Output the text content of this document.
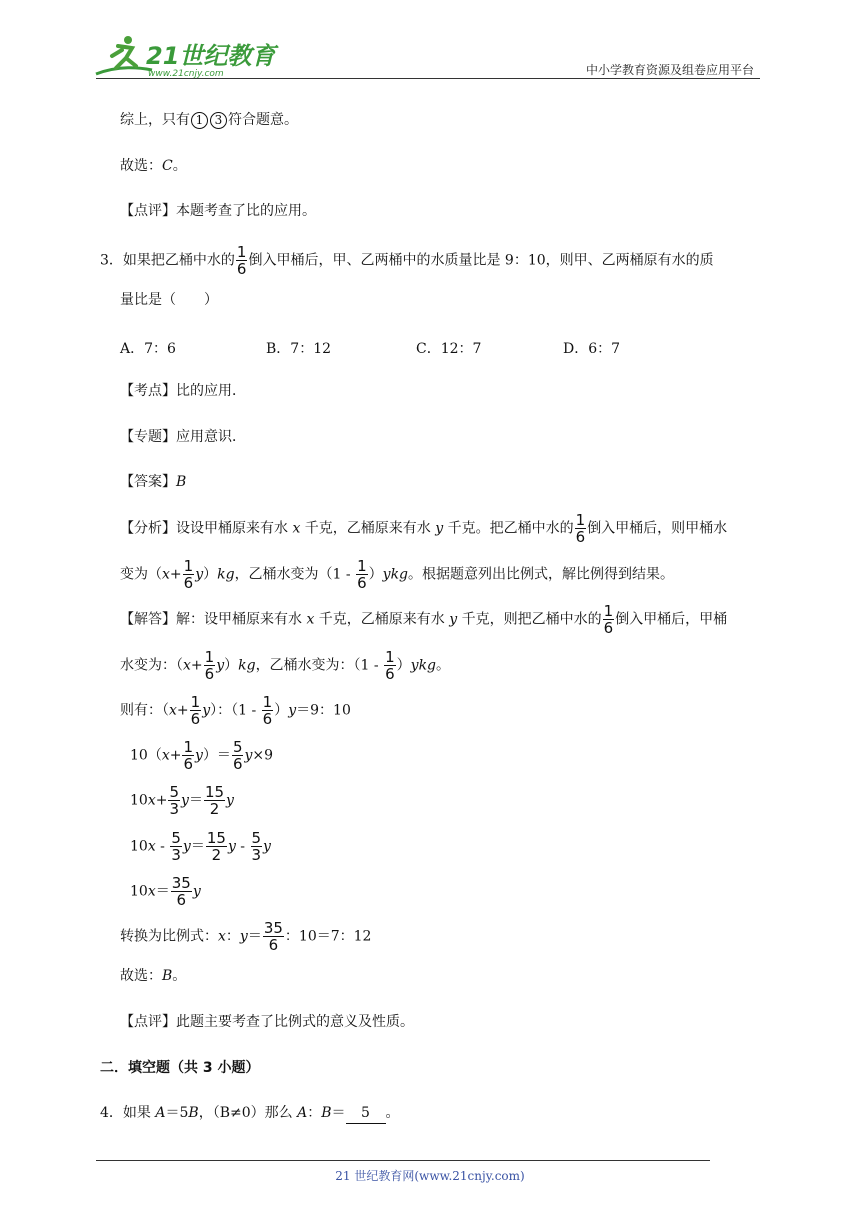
21世纪教育
www.21cnjy.com	中小学教育资源及组卷应用平台
综上，只有 1 3 符合题意。
故选：C。
【点评】本题考查了比的应用。
3．如果把乙桶中水的 $\frac{1}{6}$ 倒入甲桶后，甲、乙两桶中的水质量比是 9：10，则甲、乙两桶原有水的质
量比是（　　）
A．7：6	B．7：12	C．12：7	D．6：7
【考点】比的应用．
【专题】应用意识．
【答案】B
【分析】设设甲桶原来有水 x 千克，乙桶原来有水 y 千克。把乙桶中水的 $\frac{1}{6}$ 倒入甲桶后，则甲桶水
变为$(x+ \frac{1}{6} y)kg$，乙桶水变为$(1 - \frac{1}{6} )ykg$。根据题意列出比例式，解比例得到结果。
【解答】解：设甲桶原来有水 x 千克，乙桶原来有水 y 千克，则把乙桶中水的 $\frac{1}{6}$ 倒入甲桶后，甲桶
水变为：$(x+ \frac{1}{6} y)kg$，乙桶水变为：$(1 - \frac{1}{6} )ykg$。
则有：$(x+ \frac{1}{6} y)$：$(1 - \frac{1}{6} )y=9$：10
$10(x+ \frac{1}{6} y)= \frac{5}{6} y\times 9$
$10x+ \frac{5}{3} y= \frac{15}{2}$ y
$10x - \frac{5}{3} y= \frac{15}{2}$ y - $\frac{5}{3}$ y
$10x= \frac{35}{6}$ y
转换为比例式：x：$y= \frac{35}{6}$ ：10＝7：12
故选：B。
【点评】此题主要考查了比例式的意义及性质。
二．填空题（共 3 小题）
4．如果 A＝5B，（B≠0）那么 A：B＝ 5 。
21 世纪教育网(www.21cnjy.com)
